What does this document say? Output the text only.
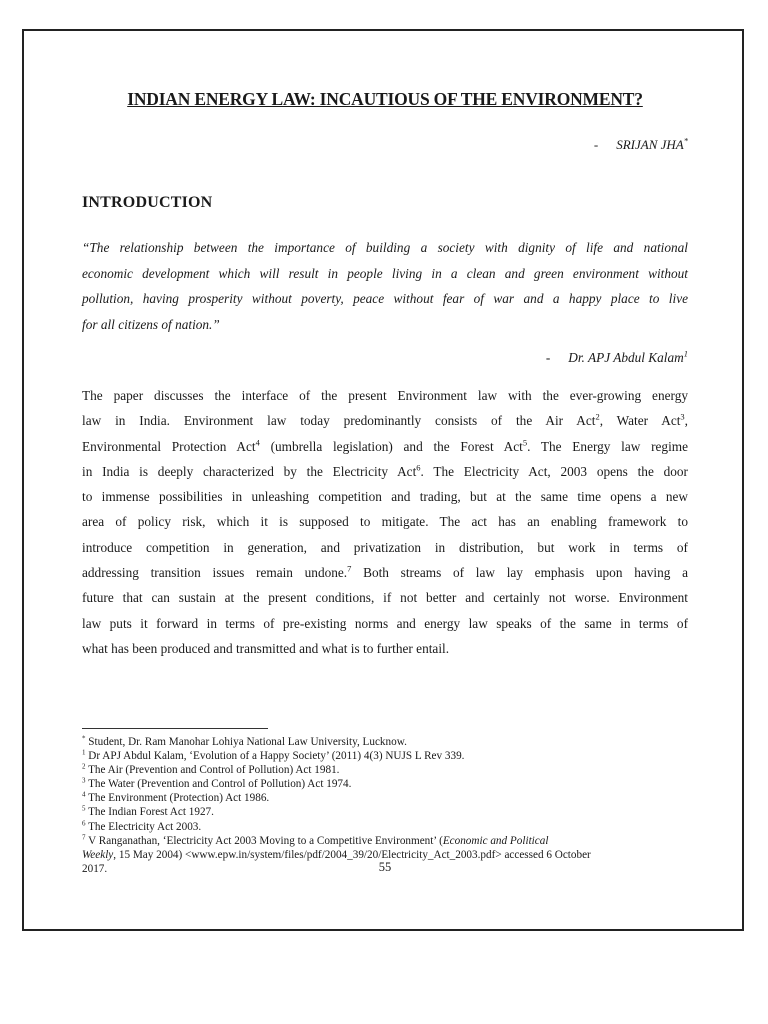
INDIAN ENERGY LAW: INCAUTIOUS OF THE ENVIRONMENT?
- SRIJAN JHA*
INTRODUCTION
“The relationship between the importance of building a society with dignity of life and national
economic development which will result in people living in a clean and green environment without
pollution, having prosperity without poverty, peace without fear of war and a happy place to live
for all citizens of nation.”
- Dr. APJ Abdul Kalam$^1$
The paper discusses the interface of the present Environment law with the ever-growing energy
law in India. Environment law today predominantly consists of the Air Act$^2$, Water Act$^3$,
Environmental Protection Act$^4$ (umbrella legislation) and the Forest Act$^5$. The Energy law regime
in India is deeply characterized by the Electricity Act$^6$. The Electricity Act, 2003 opens the door
to immense possibilities in unleashing competition and trading, but at the same time opens a new
area of policy risk, which it is supposed to mitigate. The act has an enabling framework to
introduce competition in generation, and privatization in distribution, but work in terms of
addressing transition issues remain undone.$^7$ Both streams of law lay emphasis upon having a
future that can sustain at the present conditions, if not better and certainly not worse. Environment
law puts it forward in terms of pre-existing norms and energy law speaks of the same in terms of
what has been produced and transmitted and what is to further entail.
* Student, Dr. Ram Manohar Lohiya National Law University, Lucknow.
$^1$ Dr APJ Abdul Kalam, ‘Evolution of a Happy Society’ (2011) 4(3) NUJS L Rev 339.
$^2$ The Air (Prevention and Control of Pollution) Act 1981.
$^3$ The Water (Prevention and Control of Pollution) Act 1974.
$^4$ The Environment (Protection) Act 1986.
$^5$ The Indian Forest Act 1927.
$^6$ The Electricity Act 2003.
$^7$ V Ranganathan, ‘Electricity Act 2003 Moving to a Competitive Environment’ (Economic and Political
Weekly, 15 May 2004) <www.epw.in/system/files/pdf/2004_39/20/Electricity_Act_2003.pdf> accessed 6 October
2017.	55
